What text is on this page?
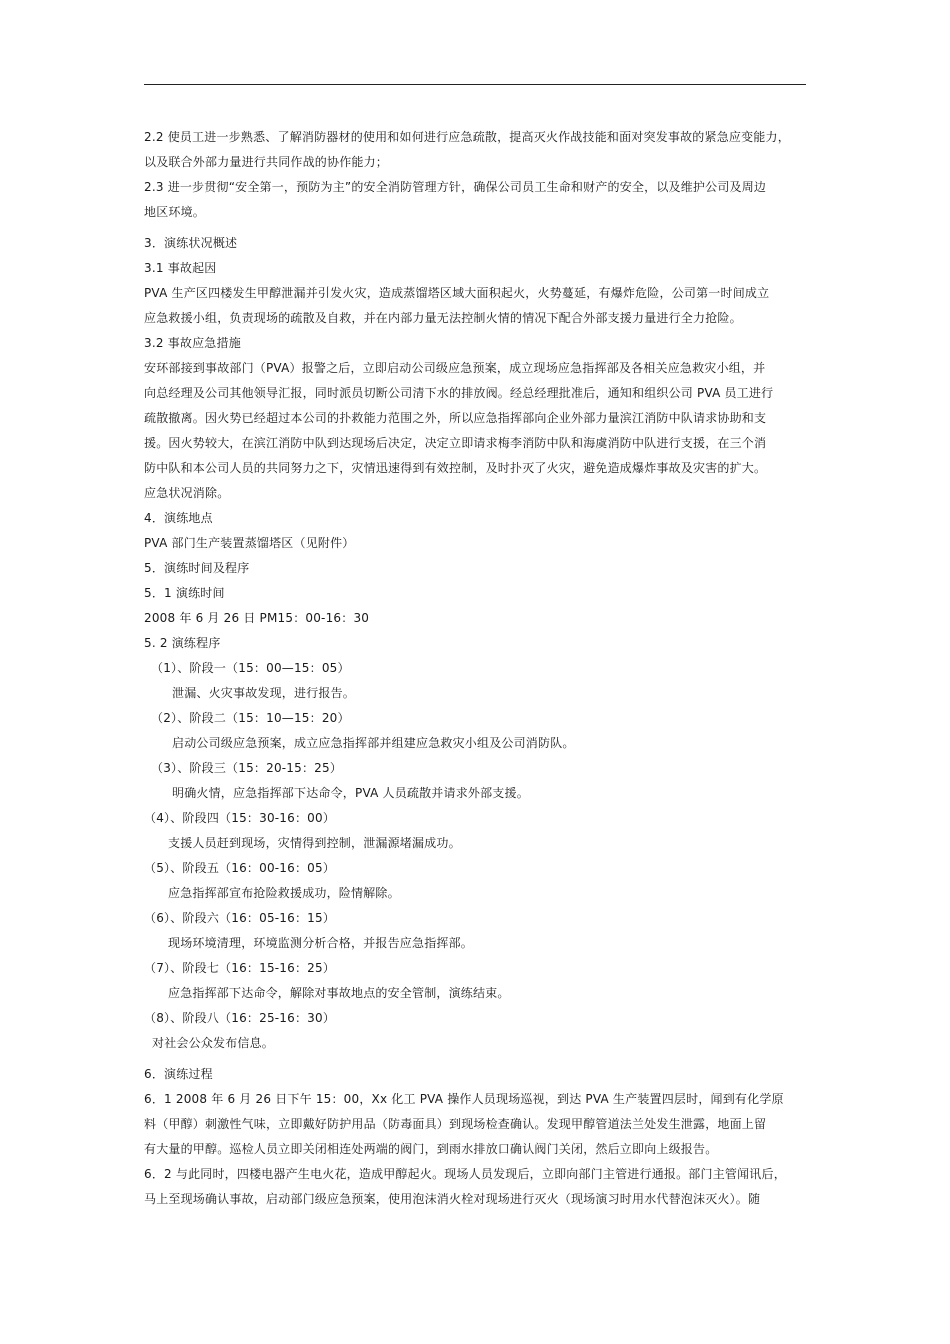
2.2 使员工进一步熟悉、了解消防器材的使用和如何进行应急疏散，提高灭火作战技能和面对突发事故的紧急应变能力，

以及联合外部力量进行共同作战的协作能力；

2.3 进一步贯彻“安全第一，预防为主”的安全消防管理方针，确保公司员工生命和财产的安全，以及维护公司及周边

地区环境。

3．演练状况概述

3.1 事故起因

PVA 生产区四楼发生甲醇泄漏并引发火灾，造成蒸馏塔区域大面积起火，火势蔓延，有爆炸危险，公司第一时间成立

应急救援小组，负责现场的疏散及自救，并在内部力量无法控制火情的情况下配合外部支援力量进行全力抢险。

3.2 事故应急措施

安环部接到事故部门（PVA）报警之后，立即启动公司级应急预案，成立现场应急指挥部及各相关应急救灾小组，并

向总经理及公司其他领导汇报，同时派员切断公司清下水的排放阀。经总经理批准后，通知和组织公司 PVA 员工进行

疏散撤离。因火势已经超过本公司的扑救能力范围之外，所以应急指挥部向企业外部力量滨江消防中队请求协助和支

援。因火势较大，在滨江消防中队到达现场后决定，决定立即请求梅李消防中队和海虞消防中队进行支援，在三个消

防中队和本公司人员的共同努力之下，灾情迅速得到有效控制，及时扑灭了火灾，避免造成爆炸事故及灾害的扩大。

应急状况消除。

4．演练地点

PVA 部门生产装置蒸馏塔区（见附件）

5．演练时间及程序

5．1 演练时间

2008 年 6 月 26 日 PM15：00-16：30

5. 2 演练程序

（1）、阶段一（15：00—15：05）

泄漏、火灾事故发现，进行报告。

（2）、阶段二（15：10—15：20）

启动公司级应急预案，成立应急指挥部并组建应急救灾小组及公司消防队。

（3）、阶段三（15：20-15：25）

明确火情，应急指挥部下达命令，PVA 人员疏散并请求外部支援。

（4）、阶段四（15：30-16：00）

支援人员赶到现场，灾情得到控制，泄漏源堵漏成功。

（5）、阶段五（16：00-16：05）

应急指挥部宣布抢险救援成功，险情解除。

（6）、阶段六（16：05-16：15）

现场环境清理，环境监测分析合格，并报告应急指挥部。

（7）、阶段七（16：15-16：25）

应急指挥部下达命令，解除对事故地点的安全管制，演练结束。

（8）、阶段八（16：25-16：30）

对社会公众发布信息。

6．演练过程

6．1 2008 年 6 月 26 日下午 15：00，Xx 化工 PVA 操作人员现场巡视，到达 PVA 生产装置四层时，闻到有化学原

料（甲醇）刺激性气味，立即戴好防护用品（防毒面具）到现场检查确认。发现甲醇管道法兰处发生泄露，地面上留

有大量的甲醇。巡检人员立即关闭相连处两端的阀门，到雨水排放口确认阀门关闭，然后立即向上级报告。

6．2 与此同时，四楼电器产生电火花，造成甲醇起火。现场人员发现后，立即向部门主管进行通报。部门主管闻讯后，

马上至现场确认事故，启动部门级应急预案，使用泡沫消火栓对现场进行灭火（现场演习时用水代替泡沫灭火）。随
